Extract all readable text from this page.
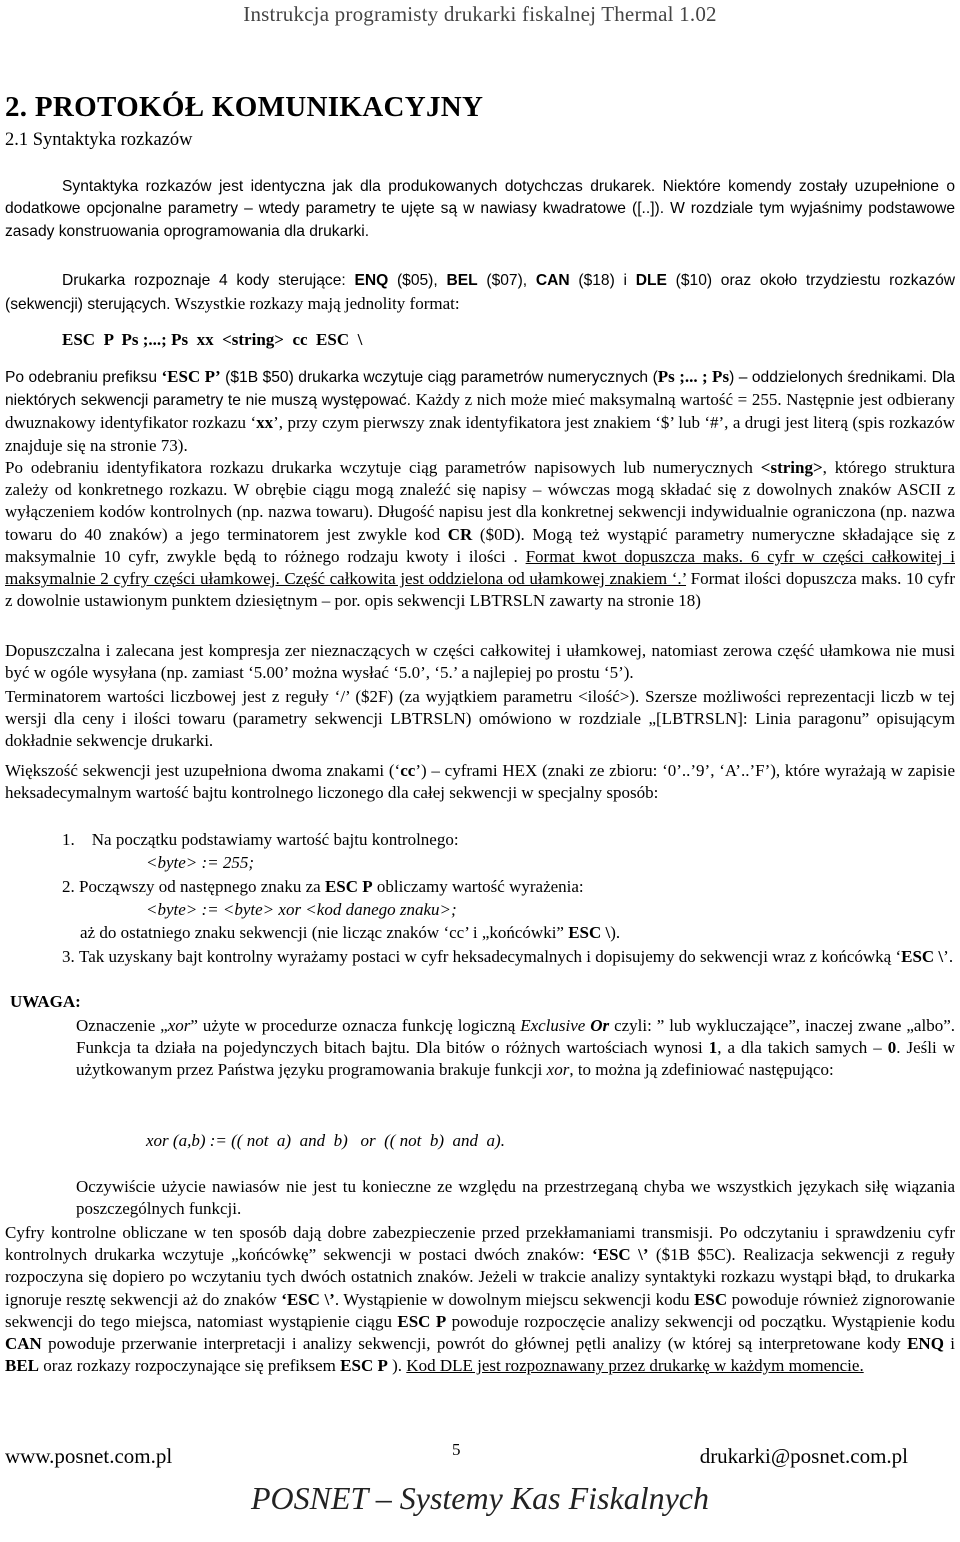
Instrukcja programisty drukarki fiskalnej Thermal 1.02
2. PROTOKÓŁ KOMUNIKACYJNY
2.1 Syntaktyka rozkazów
Syntaktyka rozkazów jest identyczna jak dla produkowanych dotychczas drukarek. Niektóre komendy zostały uzupełnione o dodatkowe opcjonalne parametry – wtedy parametry te ujęte są w nawiasy kwadratowe ([..]). W rozdziale tym wyjaśnimy podstawowe zasady konstruowania oprogramowania dla drukarki.
Drukarka rozpoznaje 4 kody sterujące: ENQ ($05), BEL ($07), CAN ($18) i DLE ($10) oraz około trzydziestu rozkazów (sekwencji) sterujących. Wszystkie rozkazy mają jednolity format:
ESC  P  Ps ;...; Ps  xx  <string>  cc  ESC  \
Po odebraniu prefiksu ‘ESC P’ ($1B $50) drukarka wczytuje ciąg parametrów numerycznych (Ps ;... ; Ps) – oddzielonych średnikami. Dla niektórych sekwencji parametry te nie muszą występować. Każdy z nich może mieć maksymalną wartość = 255. Następnie jest odbierany dwuznakowy identyfikator rozkazu ‘xx’, przy czym pierwszy znak identyfikatora jest znakiem ‘$’ lub ‘#’, a drugi jest literą (spis rozkazów znajduje się na stronie 73).
Po odebraniu identyfikatora rozkazu drukarka wczytuje ciąg parametrów napisowych lub numerycznych <string>, którego struktura zależy od konkretnego rozkazu. W obrębie ciągu mogą znaleźć się napisy – wówczas mogą składać się z dowolnych znaków ASCII z wyłączeniem kodów kontrolnych (np. nazwa towaru). Długość napisu jest dla konkretnej sekwencji indywidualnie ograniczona (np. nazwa towaru do 40 znaków) a jego terminatorem jest zwykle kod CR ($0D). Mogą też wystąpić parametry numeryczne składające się z maksymalnie 10 cyfr, zwykle będą to różnego rodzaju kwoty i ilości . Format kwot dopuszcza maks. 6 cyfr w części całkowitej i maksymalnie 2 cyfry części ułamkowej. Część całkowita jest oddzielona od ułamkowej znakiem ‘.’ Format ilości dopuszcza maks. 10 cyfr z dowolnie ustawionym punktem dziesiętnym – por. opis sekwencji LBTRSLN zawarty na stronie 18)
Dopuszczalna i zalecana jest kompresja zer nieznaczących w części całkowitej i ułamkowej, natomiast zerowa część ułamkowa nie musi być w ogóle wysyłana (np. zamiast ‘5.00’ można wysłać ‘5.0’, ‘5.’ a najlepiej po prostu ‘5’).
Terminatorem wartości liczbowej jest z reguły ‘/’ ($2F) (za wyjątkiem parametru <ilość>). Szersze możliwości reprezentacji liczb w tej wersji dla ceny i ilości towaru (parametry sekwencji LBTRSLN) omówiono w rozdziale „[LBTRSLN]: Linia paragonu” opisującym dokładnie sekwencje drukarki.
Większość sekwencji jest uzupełniona dwoma znakami (‘cc’) – cyframi HEX (znaki ze zbioru: ‘0’..’9’, ‘A’..’F’), które wyrażają w zapisie heksadecymalnym wartość bajtu kontrolnego liczonego dla całej sekwencji w specjalny sposób:
1. Na początku podstawiamy wartość bajtu kontrolnego:
<byte> := 255;
2. Począwszy od następnego znaku za ESC P obliczamy wartość wyrażenia:
<byte> := <byte> xor <kod danego znaku>;
aż do ostatniego znaku sekwencji (nie licząc znaków ‘cc’ i „końcówki” ESC \).
3. Tak uzyskany bajt kontrolny wyrażamy postaci w cyfr heksadecymalnych i dopisujemy do sekwencji wraz z końcówką ‘ESC \’.
UWAGA:
Oznaczenie „xor” użyte w procedurze oznacza funkcję logiczną Exclusive Or czyli: ” lub wykluczające”, inaczej zwane „albo”. Funkcja ta działa na pojedynczych bitach bajtu. Dla bitów o różnych wartościach wynosi 1, a dla takich samych – 0. Jeśli w użytkowanym przez Państwa języku programowania brakuje funkcji xor, to można ją zdefiniować następująco:
xor (a,b) := (( not  a)  and  b)   or  (( not  b)  and  a).
Oczywiście użycie nawiasów nie jest tu konieczne ze względu na przestrzeganą chyba we wszystkich językach siłę wiązania poszczególnych funkcji.
Cyfry kontrolne obliczane w ten sposób dają dobre zabezpieczenie przed przekłamaniami transmisji. Po odczytaniu i sprawdzeniu cyfr kontrolnych drukarka wczytuje „końcówkę” sekwencji w postaci dwóch znaków: ‘ESC \’ ($1B $5C). Realizacja sekwencji z reguły rozpoczyna się dopiero po wczytaniu tych dwóch ostatnich znaków. Jeżeli w trakcie analizy syntaktyki rozkazu wystąpi błąd, to drukarka ignoruje resztę sekwencji aż do znaków ‘ESC \’. Wystąpienie w dowolnym miejscu sekwencji kodu ESC powoduje również zignorowanie sekwencji do tego miejsca, natomiast wystąpienie ciągu ESC P powoduje rozpoczęcie analizy sekwencji od początku. Wystąpienie kodu CAN powoduje przerwanie interpretacji i analizy sekwencji, powrót do głównej pętli analizy (w której są interpretowane kody ENQ i BEL oraz rozkazy rozpoczynające się prefiksem ESC P ). Kod DLE jest rozpoznawany przez drukarkę w każdym momencie.
www.posnet.com.pl	5	drukarki@posnet.com.pl
POSNET – Systemy Kas Fiskalnych
